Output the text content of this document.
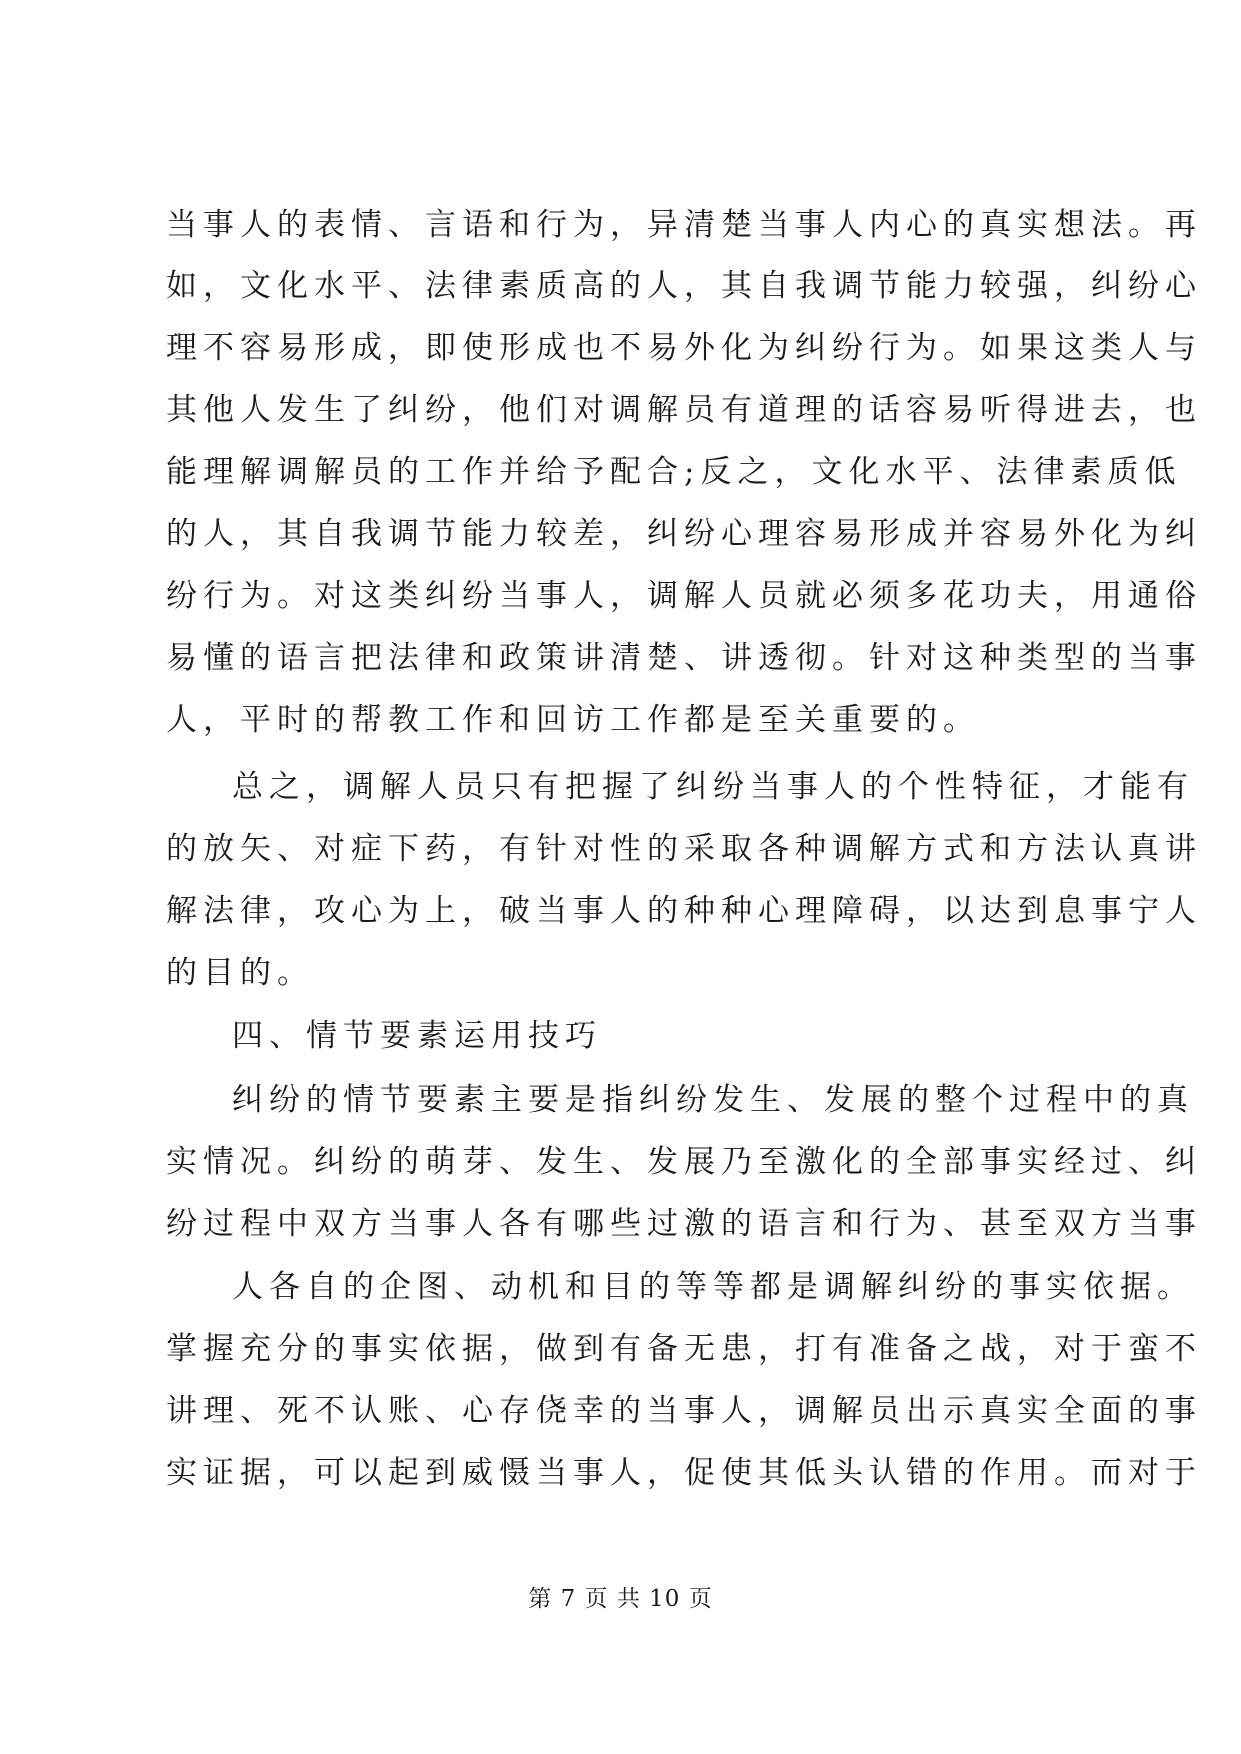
当事人的表情、言语和行为，异清楚当事人内心的真实想法。再
如，文化水平、法律素质高的人，其自我调节能力较强，纠纷心
理不容易形成，即使形成也不易外化为纠纷行为。如果这类人与
其他人发生了纠纷，他们对调解员有道理的话容易听得进去，也
能理解调解员的工作并给予配合;反之，文化水平、法律素质低
的人，其自我调节能力较差，纠纷心理容易形成并容易外化为纠
纷行为。对这类纠纷当事人，调解人员就必须多花功夫，用通俗
易懂的语言把法律和政策讲清楚、讲透彻。针对这种类型的当事
人，平时的帮教工作和回访工作都是至关重要的。
总之，调解人员只有把握了纠纷当事人的个性特征，才能有
的放矢、对症下药，有针对性的采取各种调解方式和方法认真讲
解法律，攻心为上，破当事人的种种心理障碍，以达到息事宁人
的目的。
四、情节要素运用技巧
纠纷的情节要素主要是指纠纷发生、发展的整个过程中的真
实情况。纠纷的萌芽、发生、发展乃至激化的全部事实经过、纠
纷过程中双方当事人各有哪些过激的语言和行为、甚至双方当事
人各自的企图、动机和目的等等都是调解纠纷的事实依据。
掌握充分的事实依据，做到有备无患，打有准备之战，对于蛮不
讲理、死不认账、心存侥幸的当事人，调解员出示真实全面的事
实证据，可以起到威慑当事人，促使其低头认错的作用。而对于
第 7 页 共 10 页
